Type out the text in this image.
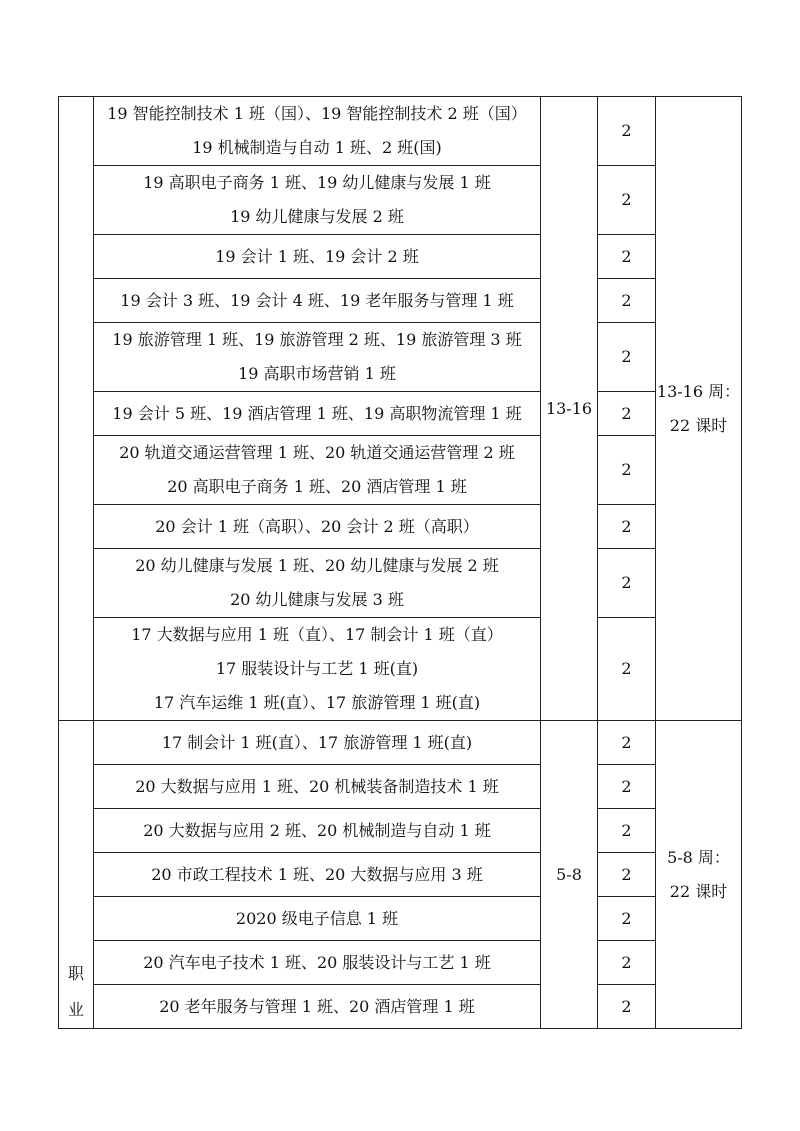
	19 智能控制技术 1 班（国）、19 智能控制技术 2 班（国）
19 机械制造与自动 1 班、2 班(国)	13-16	2	13-16 周：
22 课时

	19 高职电子商务 1 班、19 幼儿健康与发展 1 班
19 幼儿健康与发展 2 班		2	

	19 会计 1 班、19 会计 2 班		2	

	19 会计 3 班、19 会计 4 班、19 老年服务与管理 1 班		2	

	19 旅游管理 1 班、19 旅游管理 2 班、19 旅游管理 3 班
19 高职市场营销 1 班		2	

	19 会计 5 班、19 酒店管理 1 班、19 高职物流管理 1 班		2	

	20 轨道交通运营管理 1 班、20 轨道交通运营管理 2 班
20 高职电子商务 1 班、20 酒店管理 1 班		2	

	20 会计 1 班（高职）、20 会计 2 班（高职）		2	

	20 幼儿健康与发展 1 班、20 幼儿健康与发展 2 班
20 幼儿健康与发展 3 班		2	

	17 大数据与应用 1 班（直）、17 制会计 1 班（直）
17 服装设计与工艺 1 班(直)
17 汽车运维 1 班(直）、17 旅游管理 1 班(直)		2	

职
业	17 制会计 1 班(直）、17 旅游管理 1 班(直)	5-8	2	5-8 周：
22 课时

	20 大数据与应用 1 班、20 机械装备制造技术 1 班		2	

	20 大数据与应用 2 班、20 机械制造与自动 1 班		2	

	20 市政工程技术 1 班、20 大数据与应用 3 班		2	

	2020 级电子信息 1 班		2	

	20 汽车电子技术 1 班、20 服装设计与工艺 1 班		2	

	20 老年服务与管理 1 班、20 酒店管理 1 班		2	
